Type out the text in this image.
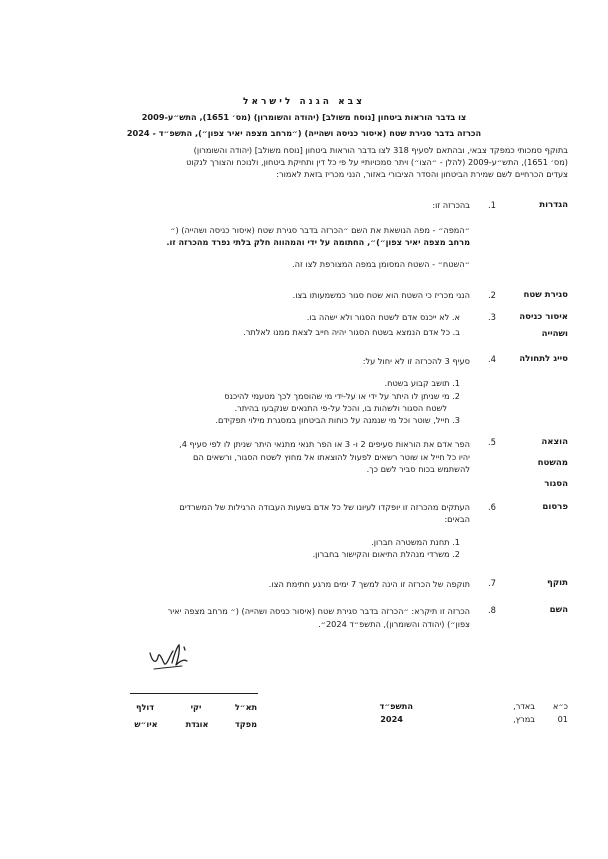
צבא הגנה לישראל
צו בדבר הוראות ביטחון [נוסח משולב] (יהודה והשומרון) (מס׳ 1651), התש״ע-2009
הכרזה בדבר סגירת שטח (איסור כניסה ושהייה) (״מרחב מצפה יאיר צפון״), התשפ״ד - 2024
בתוקף סמכותי כמפקד צבאי, ובהתאם לסעיף 318 לצו בדבר הוראות ביטחון [נוסח משולב] (יהודה והשומרון)
(מס׳ 1651), התש״ע-2009 (להלן - ״הצו״) ויתר סמכויותיי על פי כל דין ותחיקת ביטחון, ולנוכח והצורך לנקוט
צעדים הכרחיים לשם שמירת הביטחון והסדר הציבורי באזור, הנני מכריז בזאת לאמור:
הגדרות
1.
בהכרזה זו:
״המפה״ - מפה הנושאת את השם ״הכרזה בדבר סגירת שטח (איסור כניסה ושהייה) (״
מרחב מצפה יאיר צפון״)״, החתומה על ידי והמהווה חלק בלתי נפרד מהכרזה זו.
״השטח״ - השטח המסומן במפה המצורפת לצו זה.
סגירת שטח
2.
הנני מכריז כי השטח הוא שטח סגור כמשמעותו בצו.
איסור כניסה
ושהייה
3.
א. לא ייכנס אדם לשטח הסגור ולא ישהה בו.
ב. כל אדם הנמצא בשטח הסגור יהיה חייב לצאת ממנו לאלתר.
סייג לתחולה
4.
סעיף 3 להכרזה זו לא יחול על:
1. תושב קבוע בשטח.
2. מי שניתן לו היתר על ידי או על-ידי מי שהוסמך לכך מטעמי להיכנס
לשטח הסגור ולשהות בו, והכל על-פי התנאים שנקבעו בהיתר.
3. חייל, שוטר וכל מי שנמנה על כוחות הביטחון במסגרת מילוי תפקידם.
הוצאה
מהשטח
הסגור
5.
הפר אדם את הוראות סעיפים 2 ו- 3 או הפר תנאי מתנאי היתר שניתן לו לפי סעיף 4,
יהיו כל חייל או שוטר רשאים לפעול להוצאתו אל מחוץ לשטח הסגור, ורשאים הם
להשתמש בכוח סביר לשם כך.
פרסום
6.
העתקים מהכרזה זו יופקדו לעיונו של כל אדם בשעות העבודה הרגילות של המשרדים
הבאים:
1. תחנת המשטרה חברון.
2. משרדי מנהלת התיאום והקישור בחברון.
תוקף
7.
תוקפה של הכרזה זו הינה למשך 7 ימים מרגע חתימת הצו.
השם
8.
הכרזה זו תיקרא: ״הכרזה בדבר סגירת שטח (איסור כניסה ושהייה) (״ מרחב מצפה יאיר
צפון״) (יהודה והשומרון), התשפ״ד 2024״.
תא״ל
יקי
דולף
מפקד
אוגדת
איו״ש
כ״א
באדר,
התשפ״ד
01
במרץ,
2024
